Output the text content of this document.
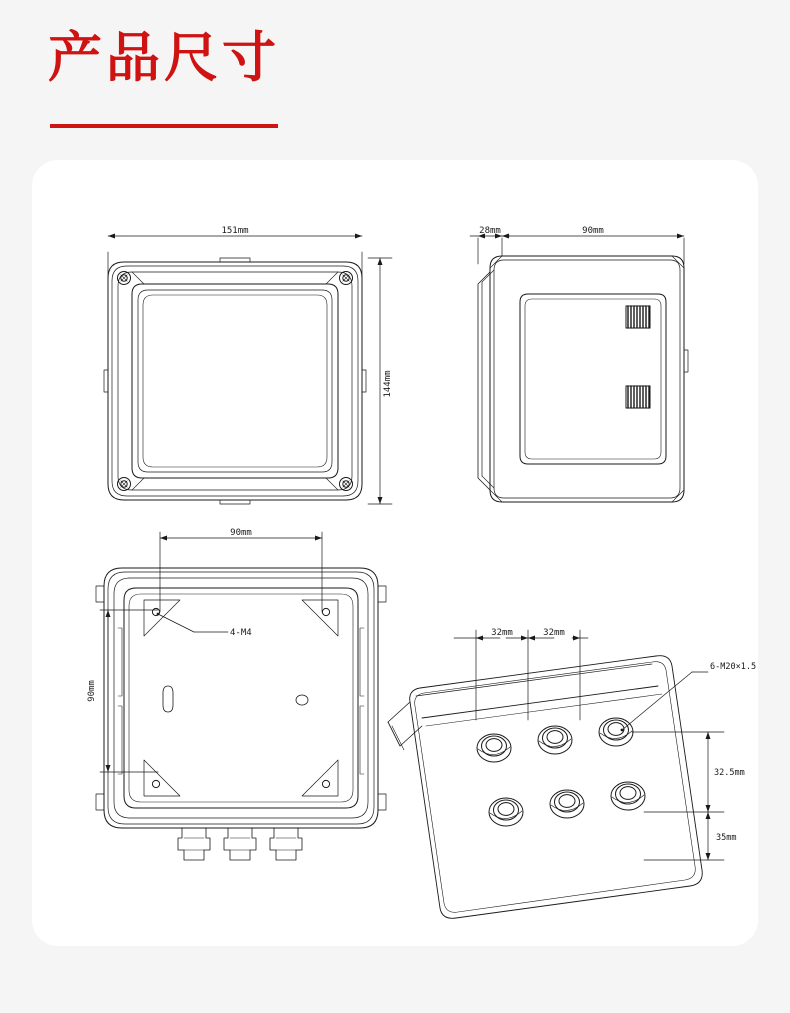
产品尺寸
151mm
144mm
28mm	90mm
90mm
90mm
4-M4	32mm	32mm
32.5mm
35mm
6-M20×1.5
